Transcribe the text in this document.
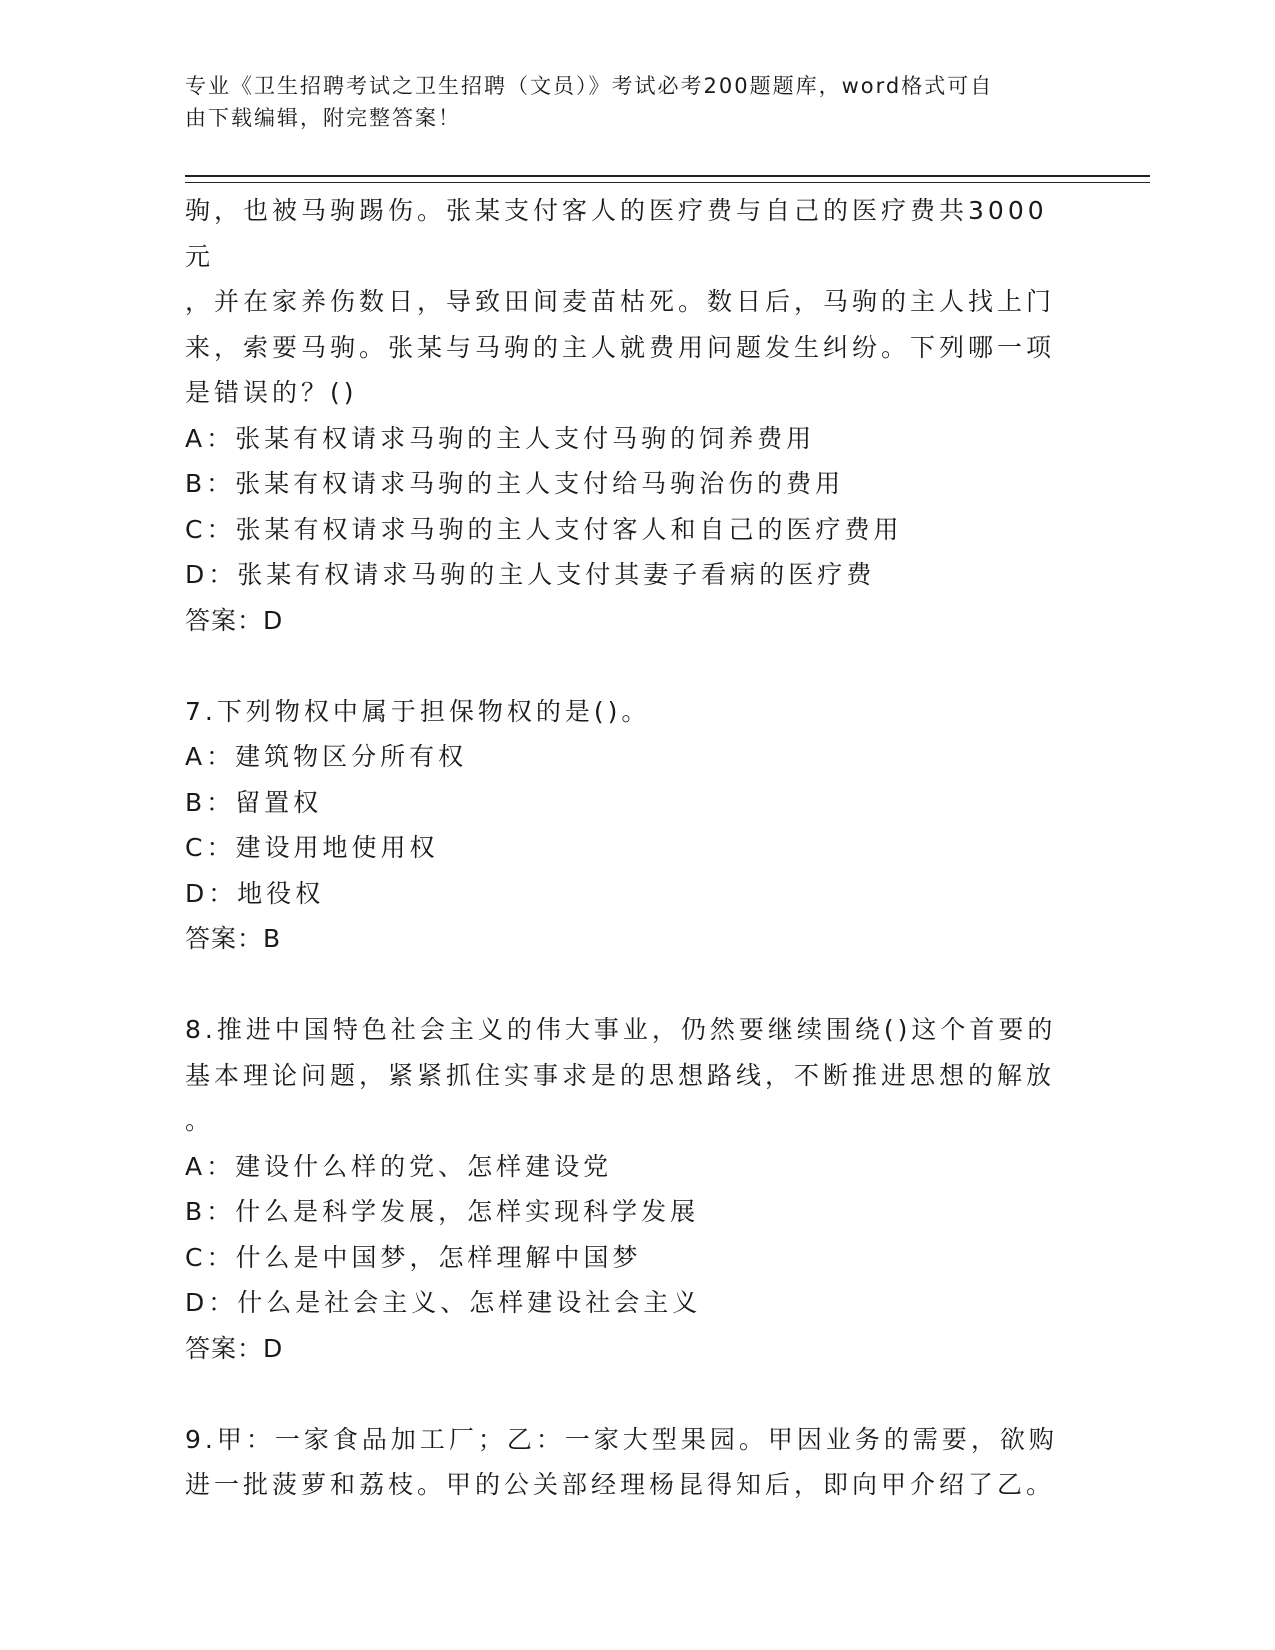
专业《卫生招聘考试之卫生招聘（文员）》考试必考200题题库，word格式可自

由下载编辑，附完整答案！

驹，也被马驹踢伤。张某支付客人的医疗费与自己的医疗费共3000元

，并在家养伤数日，导致田间麦苗枯死。数日后，马驹的主人找上门

来，索要马驹。张某与马驹的主人就费用问题发生纠纷。下列哪一项

是错误的？()

A：张某有权请求马驹的主人支付马驹的饲养费用

B：张某有权请求马驹的主人支付给马驹治伤的费用

C：张某有权请求马驹的主人支付客人和自己的医疗费用

D：张某有权请求马驹的主人支付其妻子看病的医疗费

答案：D

7.下列物权中属于担保物权的是()。

A：建筑物区分所有权

B：留置权

C：建设用地使用权

D：地役权

答案：B

8.推进中国特色社会主义的伟大事业，仍然要继续围绕()这个首要的

基本理论问题，紧紧抓住实事求是的思想路线，不断推进思想的解放

。

A：建设什么样的党、怎样建设党

B：什么是科学发展，怎样实现科学发展

C：什么是中国梦，怎样理解中国梦

D：什么是社会主义、怎样建设社会主义

答案：D

9.甲：一家食品加工厂；乙：一家大型果园。甲因业务的需要，欲购

进一批菠萝和荔枝。甲的公关部经理杨昆得知后，即向甲介绍了乙。
